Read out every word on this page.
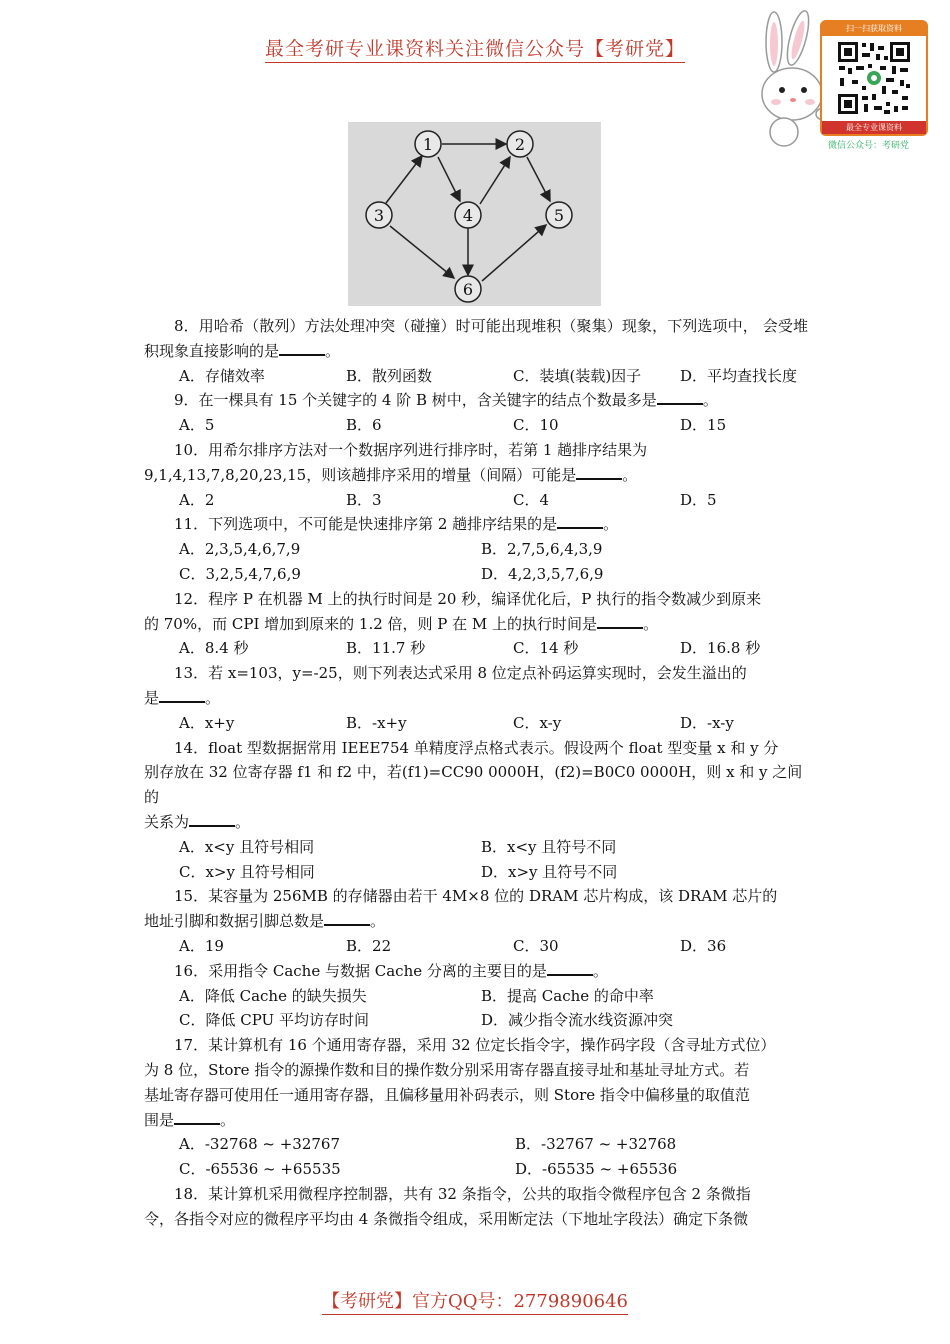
最全考研专业课资料关注微信公众号【考研党】
扫一扫获取资料
最全专业课资料
微信公众号：考研党
1	2
3	4	5
6

8．用哈希（散列）方法处理冲突（碰撞）时可能出现堆积（聚集）现象，下列选项中， 会受堆积现象直接影响的是	。

A．存储效率	B．散列函数	C．装填(装载)因子	D．平均查找长度

9．在一棵具有 15 个关键字的 4 阶 B 树中，含关键字的结点个数最多是	。

A．5	B．6	C．10	D．15

10．用希尔排序方法对一个数据序列进行排序时，若第 1 趟排序结果为

9,1,4,13,7,8,20,23,15，则该趟排序采用的增量（间隔）可能是	。

A．2	B．3	C．4	D．5

11．下列选项中，不可能是快速排序第 2 趟排序结果的是	。

A．2,3,5,4,6,7,9	B．2,7,5,6,4,3,9

C．3,2,5,4,7,6,9	D．4,2,3,5,7,6,9

12．程序 P 在机器 M 上的执行时间是 20 秒，编译优化后，P 执行的指令数减少到原来

的 70%，而 CPI 增加到原来的 1.2 倍，则 P 在 M 上的执行时间是	。

A．8.4 秒	B．11.7 秒	C．14 秒	D．16.8 秒

13．若 x=103，y=-25，则下列表达式采用 8 位定点补码运算实现时，会发生溢出的

是	。

A．x+y	B．-x+y	C．x-y	D．-x-y

14．float 型数据据常用 IEEE754 单精度浮点格式表示。假设两个 float 型变量 x 和 y 分

别存放在 32 位寄存器 f1 和 f2 中，若(f1)=CC90 0000H，(f2)=B0C0 0000H，则 x 和 y 之间的

关系为	。

A．x<y 且符号相同	B．x<y 且符号不同

C．x>y 且符号相同	D．x>y 且符号不同

15．某容量为 256MB 的存储器由若干 4M×8 位的 DRAM 芯片构成，该 DRAM 芯片的

地址引脚和数据引脚总数是	。

A．19	B．22	C．30	D．36

16．采用指令 Cache 与数据 Cache 分离的主要目的是	。

A．降低 Cache 的缺失损失	B．提高 Cache 的命中率

C．降低 CPU 平均访存时间	D．减少指令流水线资源冲突

17．某计算机有 16 个通用寄存器，采用 32 位定长指令字，操作码字段（含寻址方式位）

为 8 位，Store 指令的源操作数和目的操作数分别采用寄存器直接寻址和基址寻址方式。若

基址寄存器可使用任一通用寄存器，且偏移量用补码表示，则 Store 指令中偏移量的取值范

围是	。

A．-32768 ~ +32767	B．-32767 ~ +32768

C．-65536 ~ +65535	D．-65535 ~ +65536

18．某计算机采用微程序控制器，共有 32 条指令，公共的取指令微程序包含 2 条微指

令，各指令对应的微程序平均由 4 条微指令组成，采用断定法（下地址字段法）确定下条微

【考研党】官方QQ号：2779890646
